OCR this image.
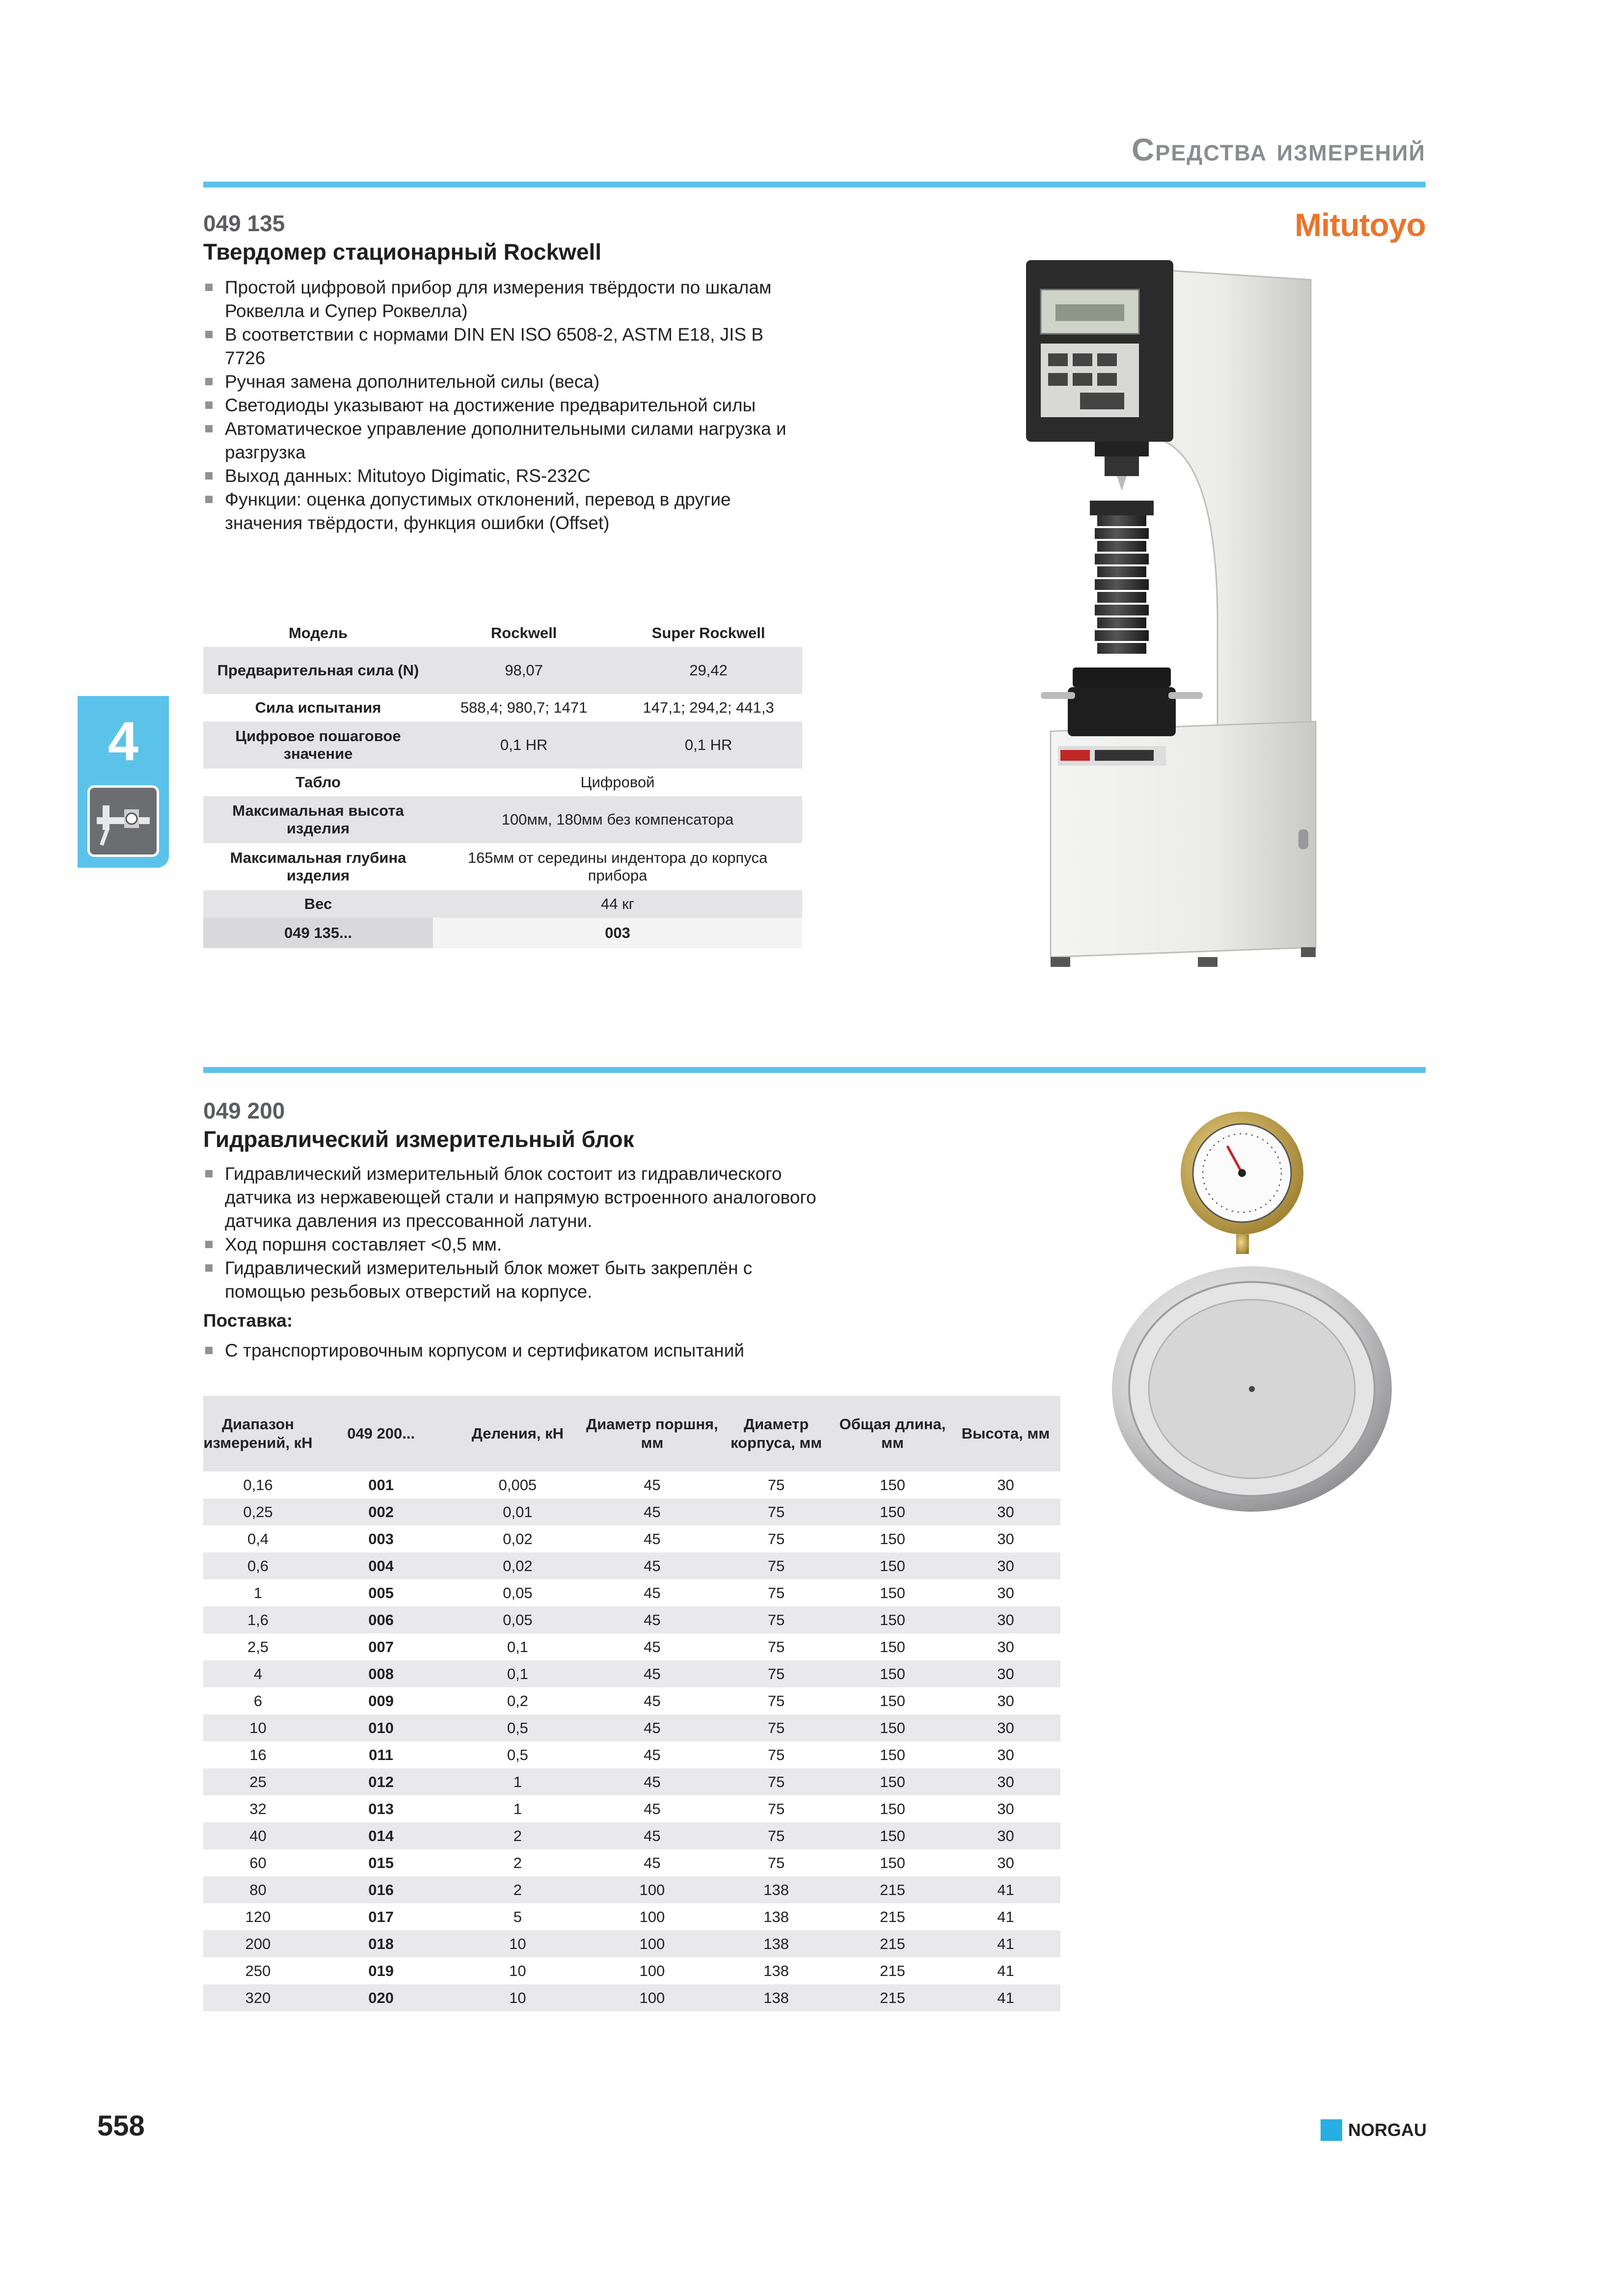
Средства измерений
Mitutoyo
4
049 135
Твердомер стационарный Rockwell
Простой цифровой прибор для измерения твёрдости по шкалам Роквелла и Супер Роквелла)
В соответствии с нормами DIN EN ISO 6508-2, ASTM E18, JIS B 7726
Ручная замена дополнительной силы (веса)
Светодиоды указывают на достижение предварительной силы
Автоматическое управление дополнительными силами нагрузка и разгрузка
Выход данных: Mitutoyo Digimatic, RS-232C
Функции: оценка допустимых отклонений, перевод в другие значения твёрдости, функция ошибки (Offset)
Модель	Rockwell	Super Rockwell
Предварительная сила (N)	98,07	29,42
Сила испытания	588,4; 980,7; 1471	147,1; 294,2; 441,3
Цифровое пошаговое значение	0,1 HR	0,1 HR
Табло	Цифровой	
Максимальная высота изделия	100мм, 180мм без компенсатора	
Максимальная глубина изделия	165мм от середины индентора до корпуса прибора	
Вес	44 кг	
049 135...	003	
049 200
Гидравлический измерительный блок
Гидравлический измерительный блок состоит из гидравлического датчика из нержавеющей стали и напрямую встроенного аналогового датчика давления из прессованной латуни.
Ход поршня составляет <0,5 мм.
Гидравлический измерительный блок может быть закреплён с помощью резьбовых отверстий на корпусе.
Поставка:
С транспортировочным корпусом и сертификатом испытаний
Диапазон измерений, кН	049 200...	Деления, кН	Диаметр поршня, мм	Диаметр корпуса, мм	Общая длина, мм	Высота, мм
0,16	001	0,005	45	75	150	30
0,25	002	0,01	45	75	150	30
0,4	003	0,02	45	75	150	30
0,6	004	0,02	45	75	150	30
1	005	0,05	45	75	150	30
1,6	006	0,05	45	75	150	30
2,5	007	0,1	45	75	150	30
4	008	0,1	45	75	150	30
6	009	0,2	45	75	150	30
10	010	0,5	45	75	150	30
16	011	0,5	45	75	150	30
25	012	1	45	75	150	30
32	013	1	45	75	150	30
40	014	2	45	75	150	30
60	015	2	45	75	150	30
80	016	2	100	138	215	41
120	017	5	100	138	215	41
200	018	10	100	138	215	41
250	019	10	100	138	215	41
320	020	10	100	138	215	41
558	NORGAU
